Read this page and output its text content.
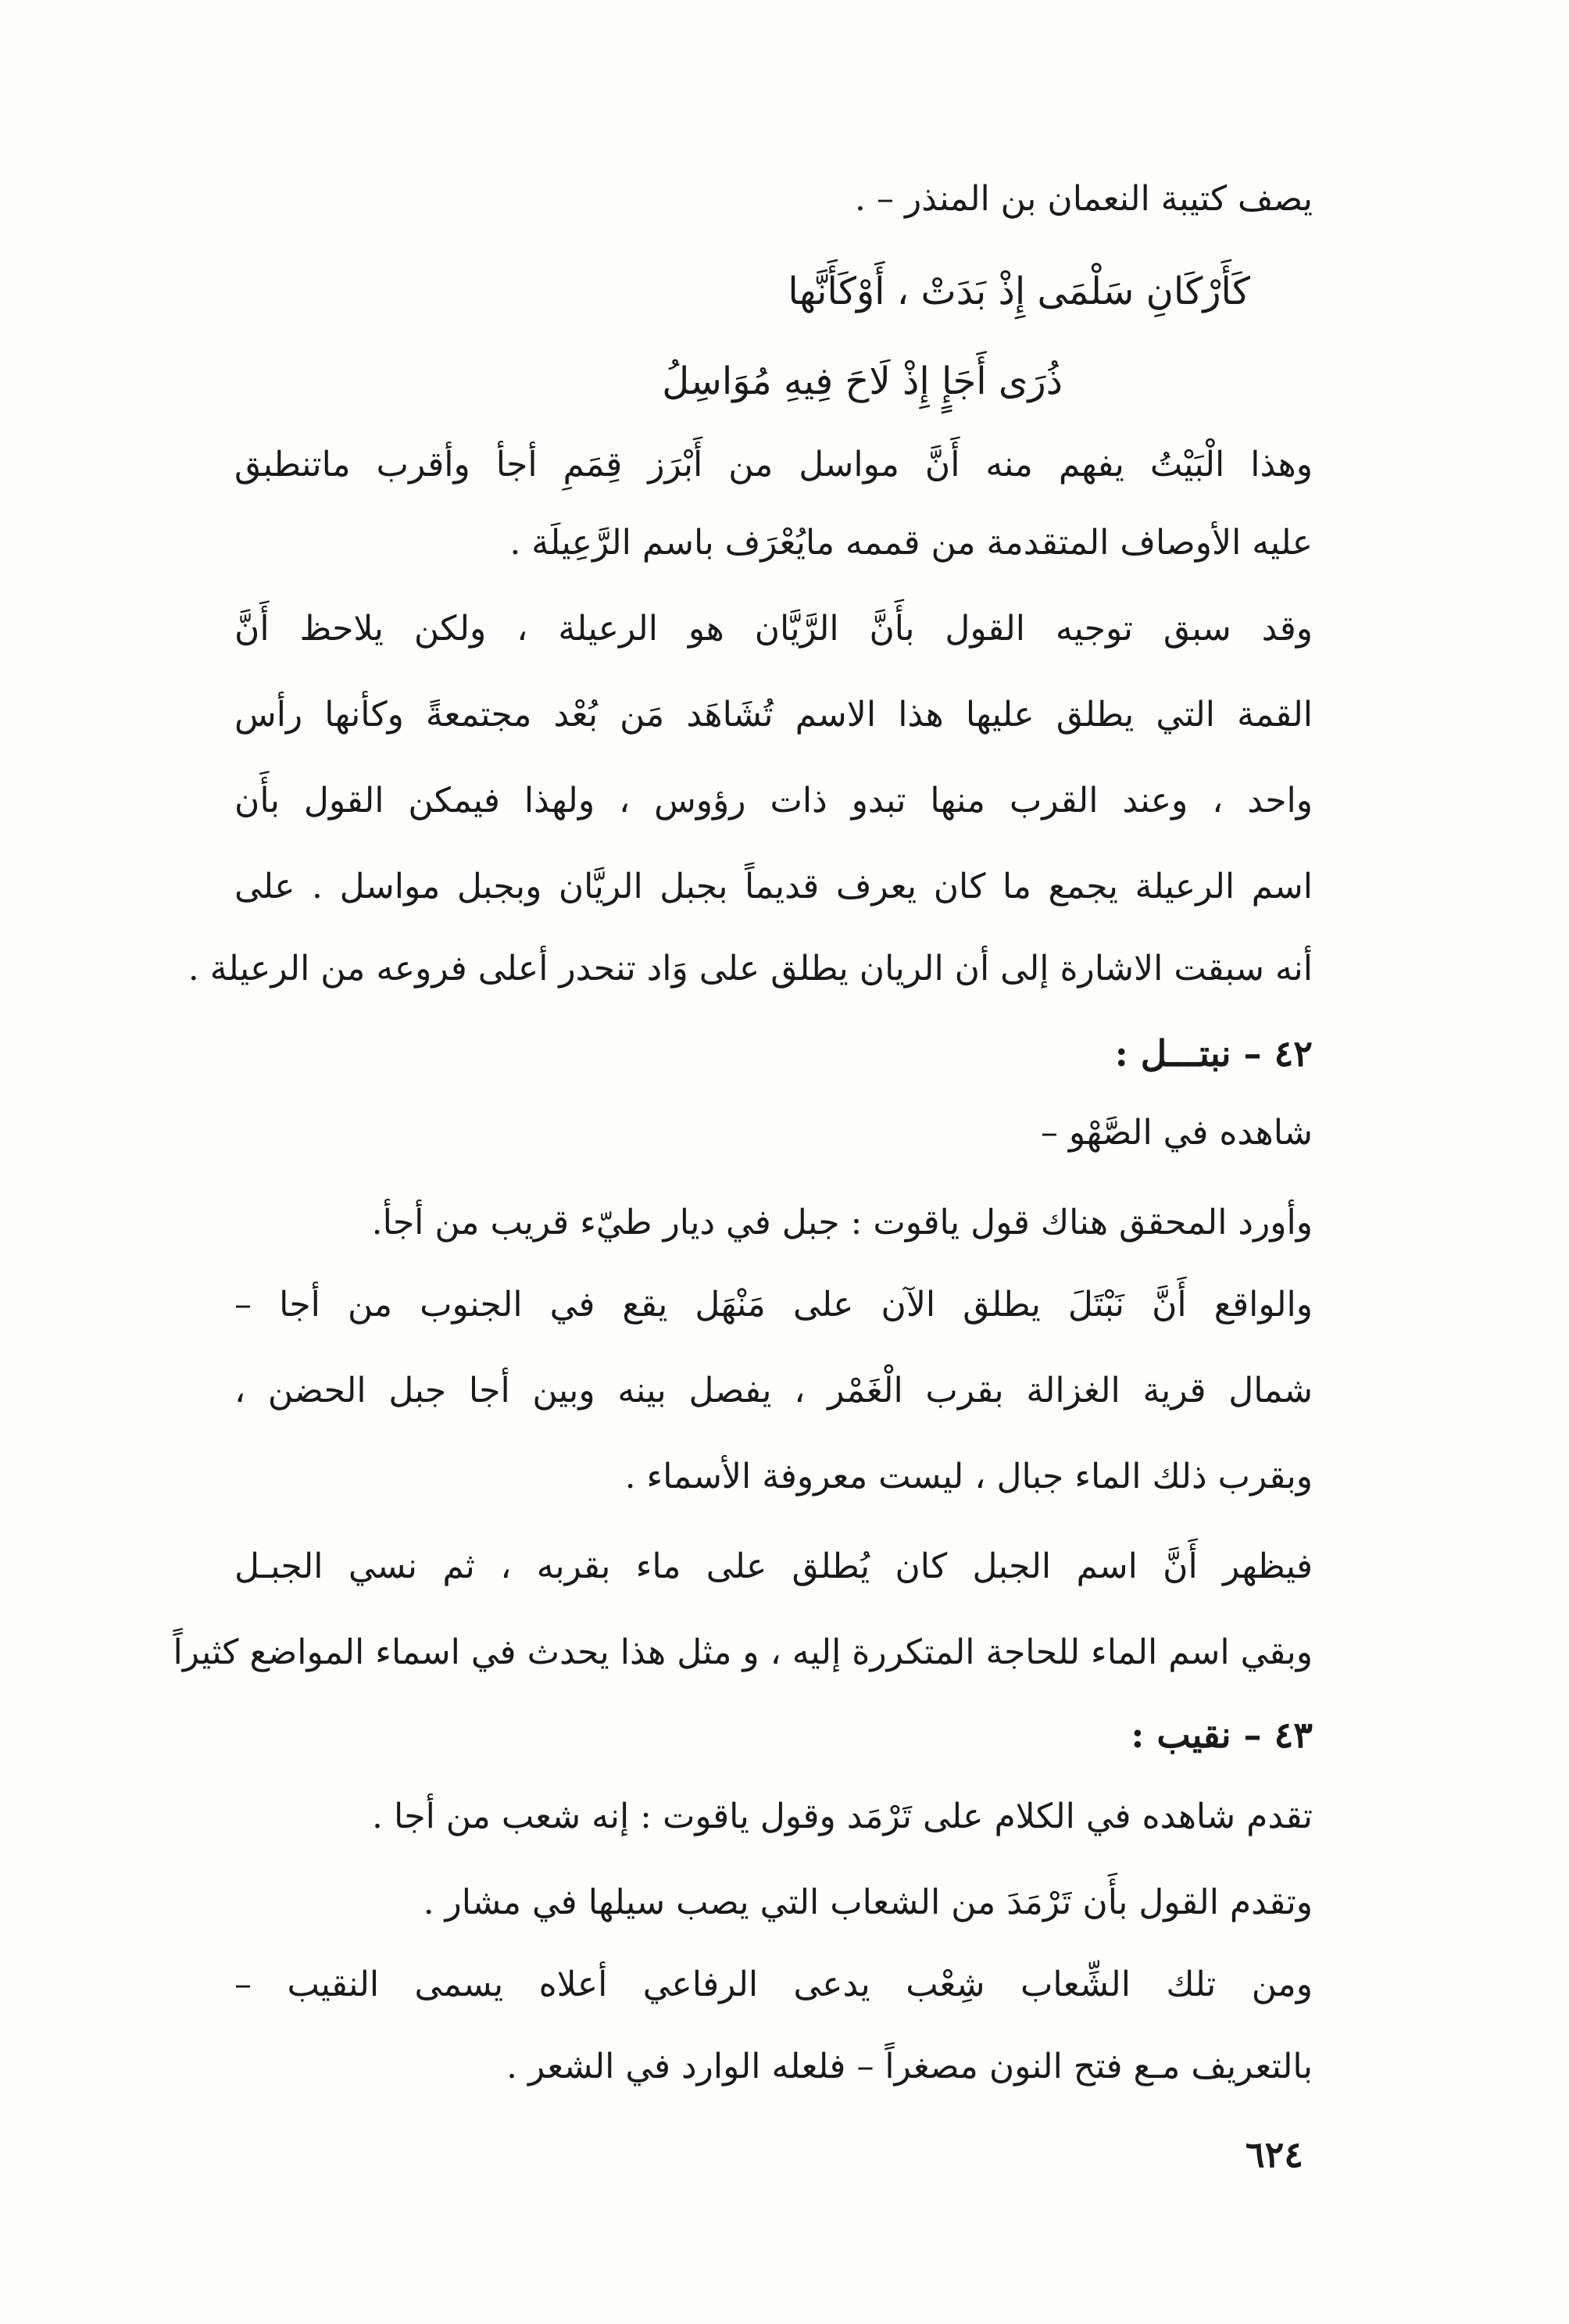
يصف كتيبة النعمان بن المنذر – .
كَأَرْكَانِ سَلْمَى إِذْ بَدَتْ ، أَوْكَأَنَّها
ذُرَى أَجَإٍ إِذْ لَاحَ فِيهِ مُوَاسِلُ
وهذا الْبَيْتُ يفهم منه أَنَّ مواسل من أَبْرَز قِمَمِ أجأ وأقرب ماتنطبق
عليه الأوصاف المتقدمة من قممه مايُعْرَف باسم الرَّعِيلَة .
وقد سبق توجيه القول بأَنَّ الرَّيَّان هو الرعيلة ، ولكن يلاحظ أَنَّ
القمة التي يطلق عليها هذا الاسم تُشَاهَد مَن بُعْد مجتمعةً وكأنها رأس
واحد ، وعند القرب منها تبدو ذات رؤوس ، ولهذا فيمكن القول بأَن
اسم الرعيلة يجمع ما كان يعرف قديماً بجبل الريَّان وبجبل مواسل . على
أنه سبقت الاشارة إلى أن الريان يطلق على وَاد تنحدر أعلى فروعه من الرعيلة .
٤٢ – نبتـــل :
شاهده في الصَّهْو –
وأورد المحقق هناك قول ياقوت : جبل في ديار طيّء قريب من أجأ.
والواقع أَنَّ نَبْتَلَ يطلق الآن على مَنْهَل يقع في الجنوب من أجا –
شمال قرية الغزالة بقرب الْغَمْر ، يفصل بينه وبين أجا جبل الحضن ،
وبقرب ذلك الماء جبال ، ليست معروفة الأسماء .
فيظهر أَنَّ اسم الجبل كان يُطلق على ماء بقربه ، ثم نسي الجبـل
وبقي اسم الماء للحاجة المتكررة إليه ، و مثل هذا يحدث في اسماء المواضع كثيراً
٤٣ – نقيب :
تقدم شاهده في الكلام على تَرْمَد وقول ياقوت : إنه شعب من أجا .
وتقدم القول بأَن تَرْمَدَ من الشعاب التي يصب سيلها في مشار .
ومن تلك الشِّعاب شِعْب يدعى الرفاعي أعلاه يسمى النقيب –
بالتعريف مـع فتح النون مصغراً – فلعله الوارد في الشعر .
٦٢٤
